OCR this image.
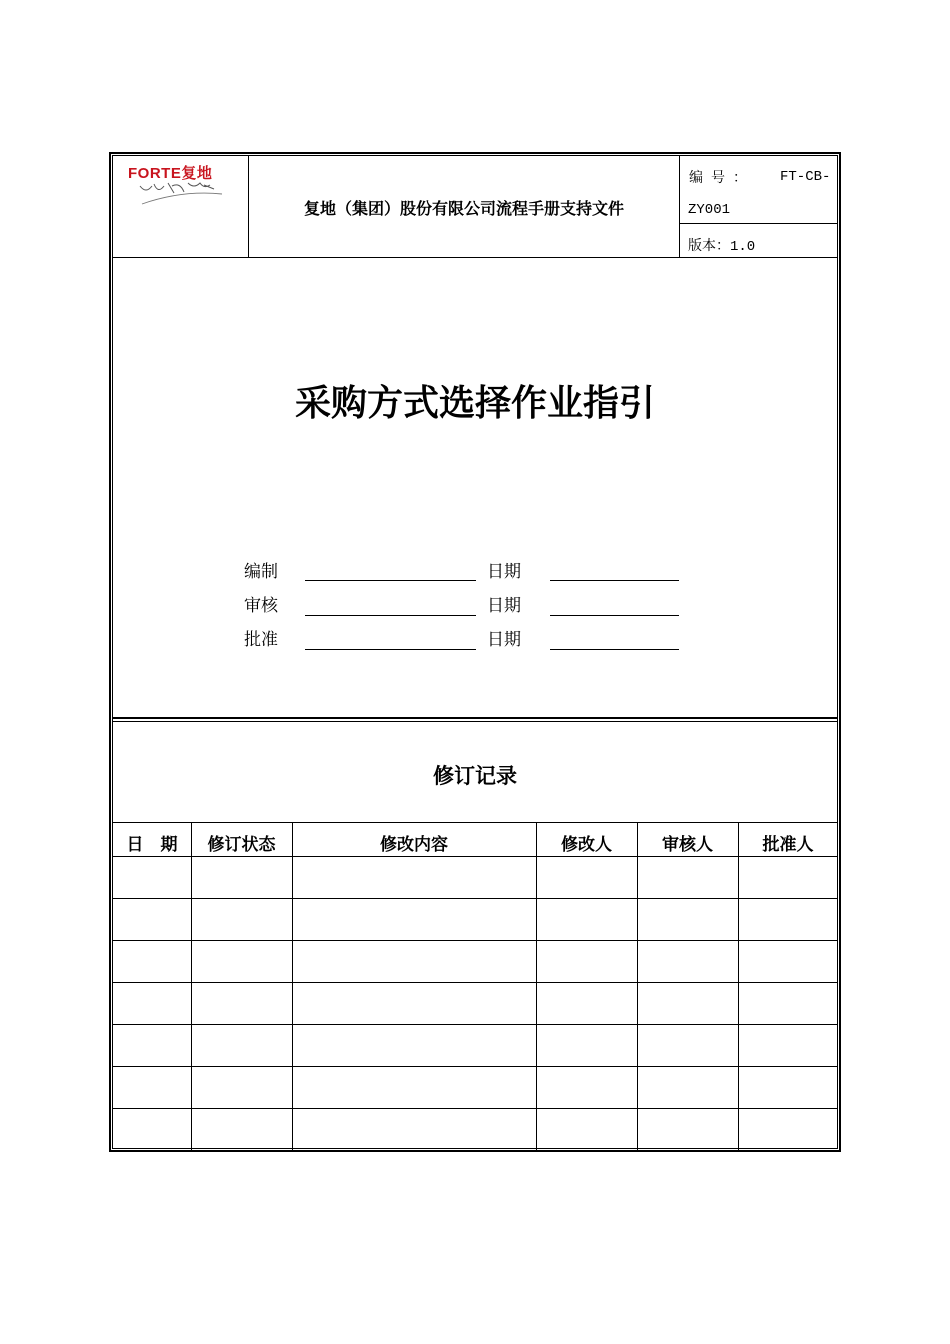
FORTE复地
复地（集团）股份有限公司流程手册支持文件
编号： FT-CB-
ZY001
版本：1.0
采购方式选择作业指引
编制	日期
审核	日期
批准	日期
修订记录
日　期	修订状态	修改内容	修改人	审核人	批准人
